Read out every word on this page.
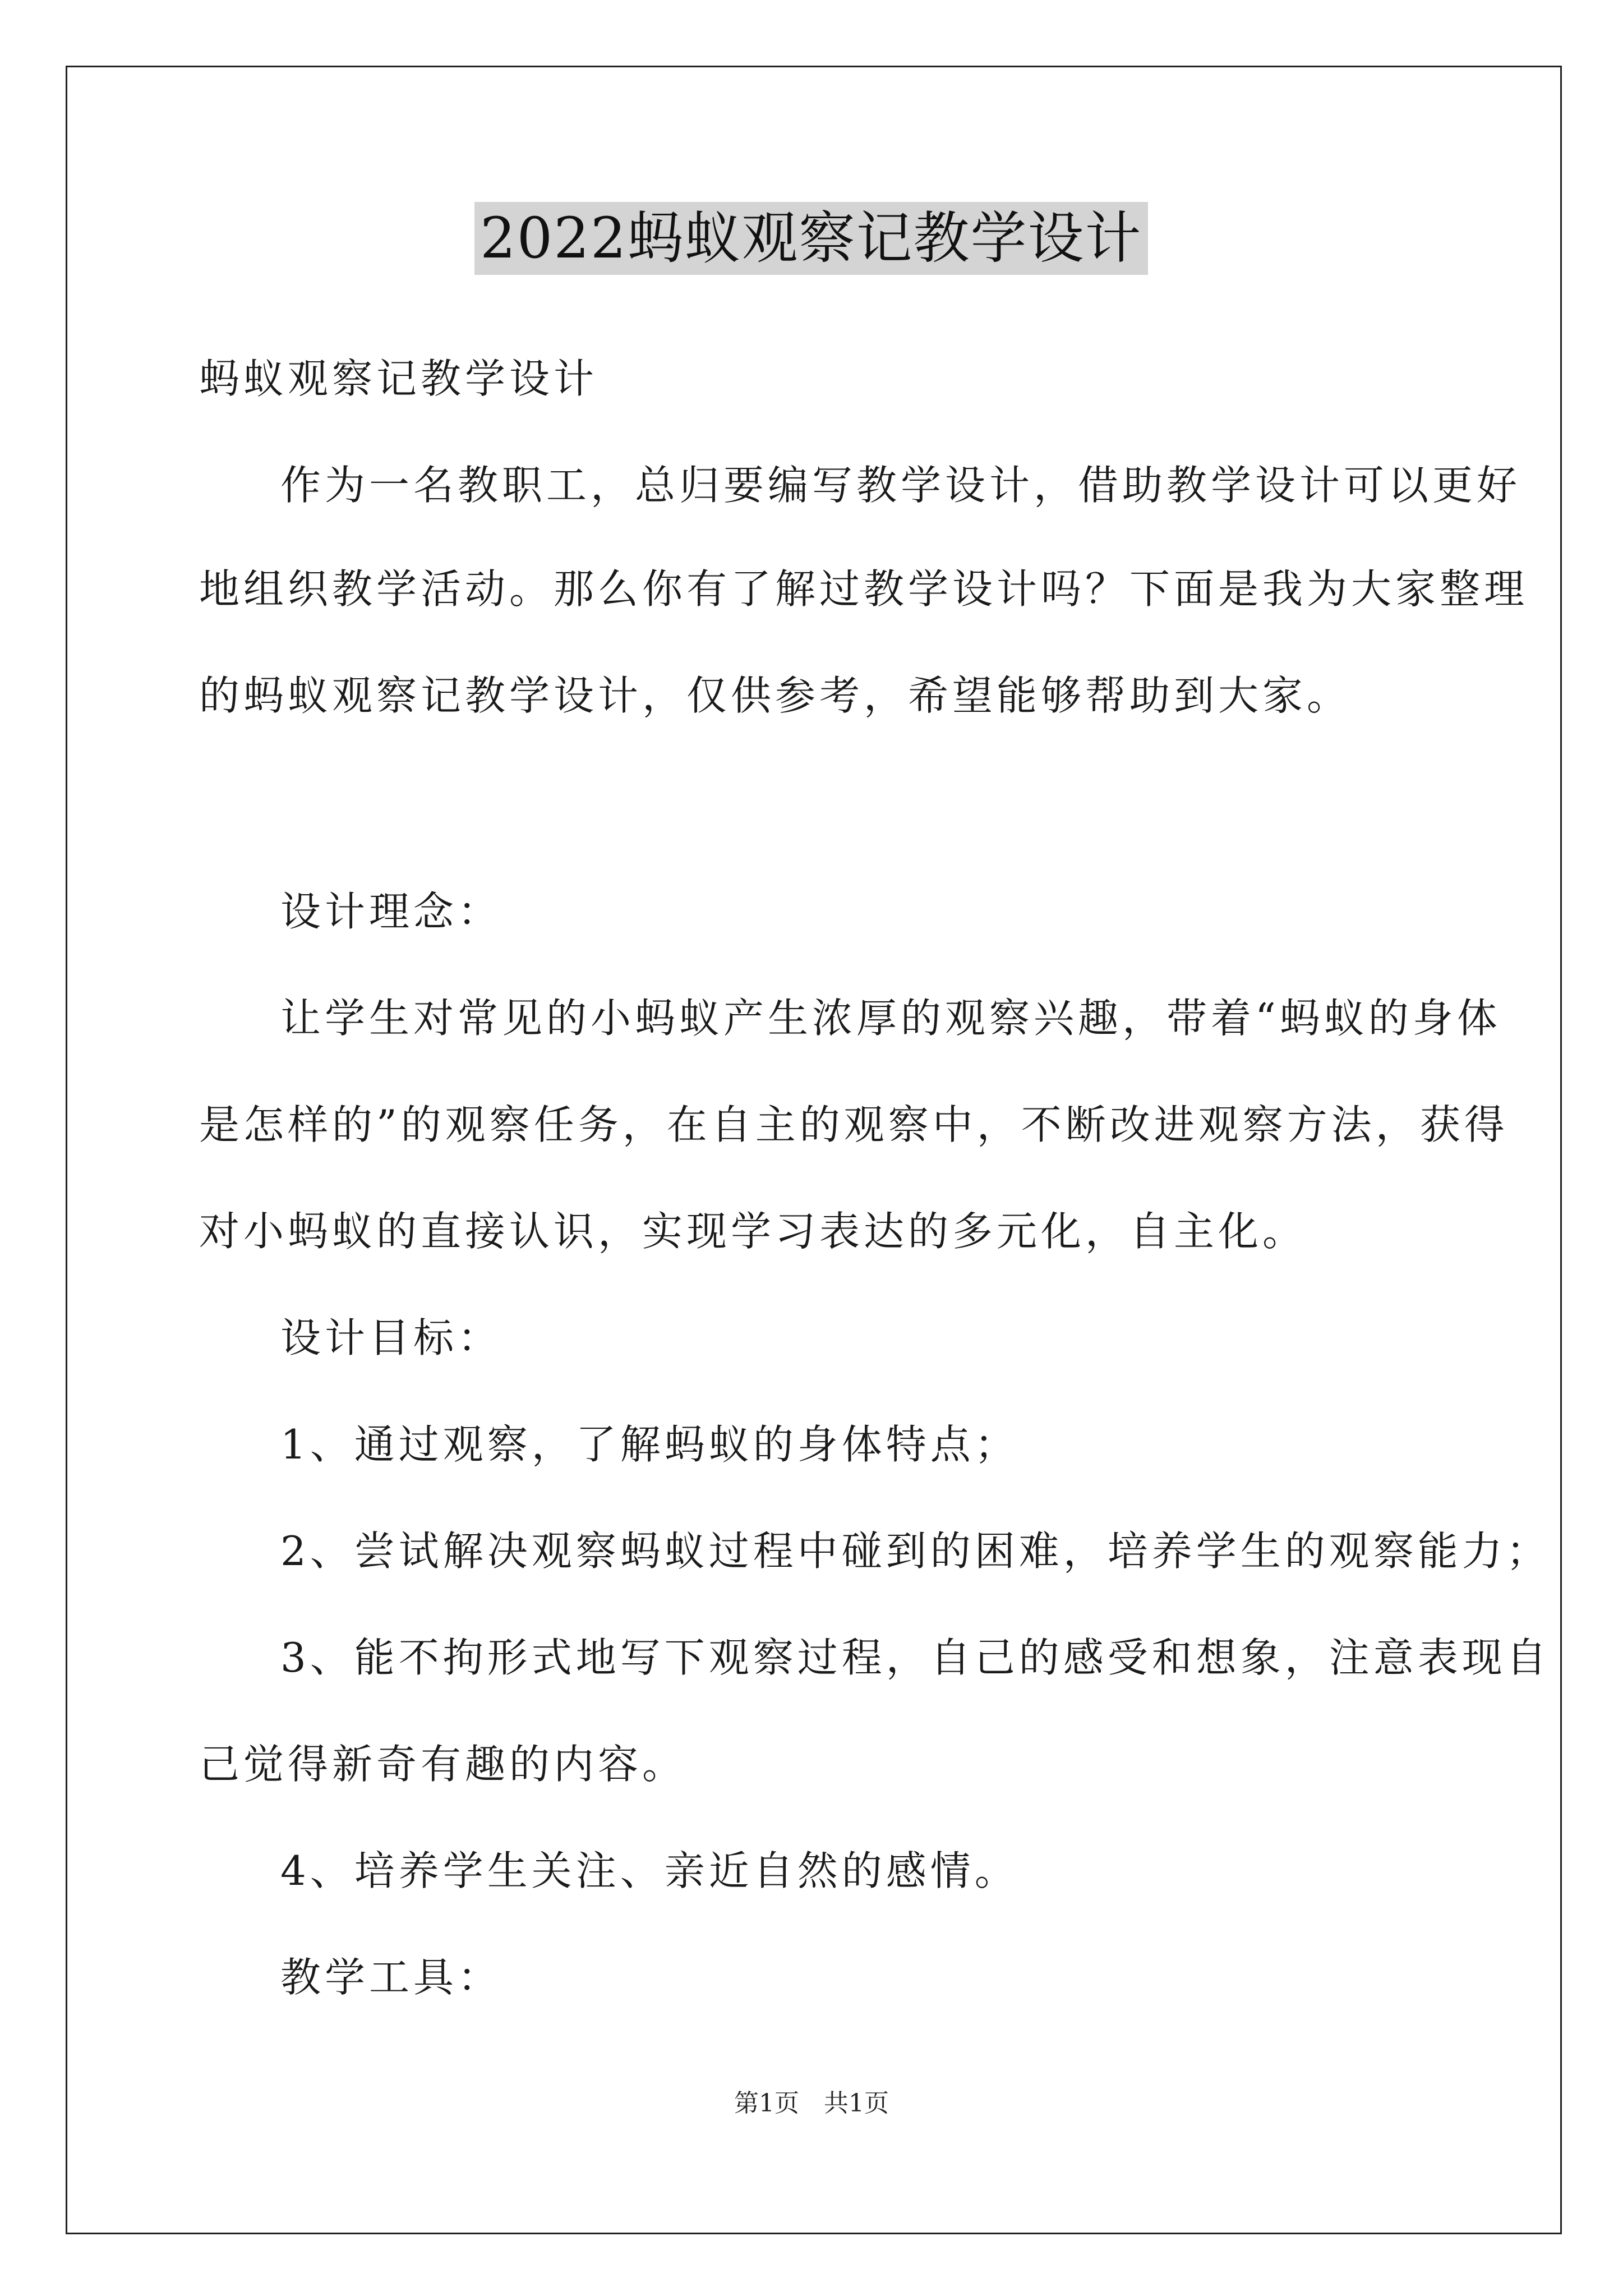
2022蚂蚁观察记教学设计
蚂蚁观察记教学设计
作为一名教职工，总归要编写教学设计，借助教学设计可以更好
地组织教学活动。那么你有了解过教学设计吗？下面是我为大家整理
的蚂蚁观察记教学设计，仅供参考，希望能够帮助到大家。
设计理念：
让学生对常见的小蚂蚁产生浓厚的观察兴趣，带着“蚂蚁的身体
是怎样的”的观察任务，在自主的观察中，不断改进观察方法，获得
对小蚂蚁的直接认识，实现学习表达的多元化，自主化。
设计目标：
1、通过观察，了解蚂蚁的身体特点；
2、尝试解决观察蚂蚁过程中碰到的困难，培养学生的观察能力；
3、能不拘形式地写下观察过程，自己的感受和想象，注意表现自
己觉得新奇有趣的内容。
4、培养学生关注、亲近自然的感情。
教学工具：
第1页　共1页
